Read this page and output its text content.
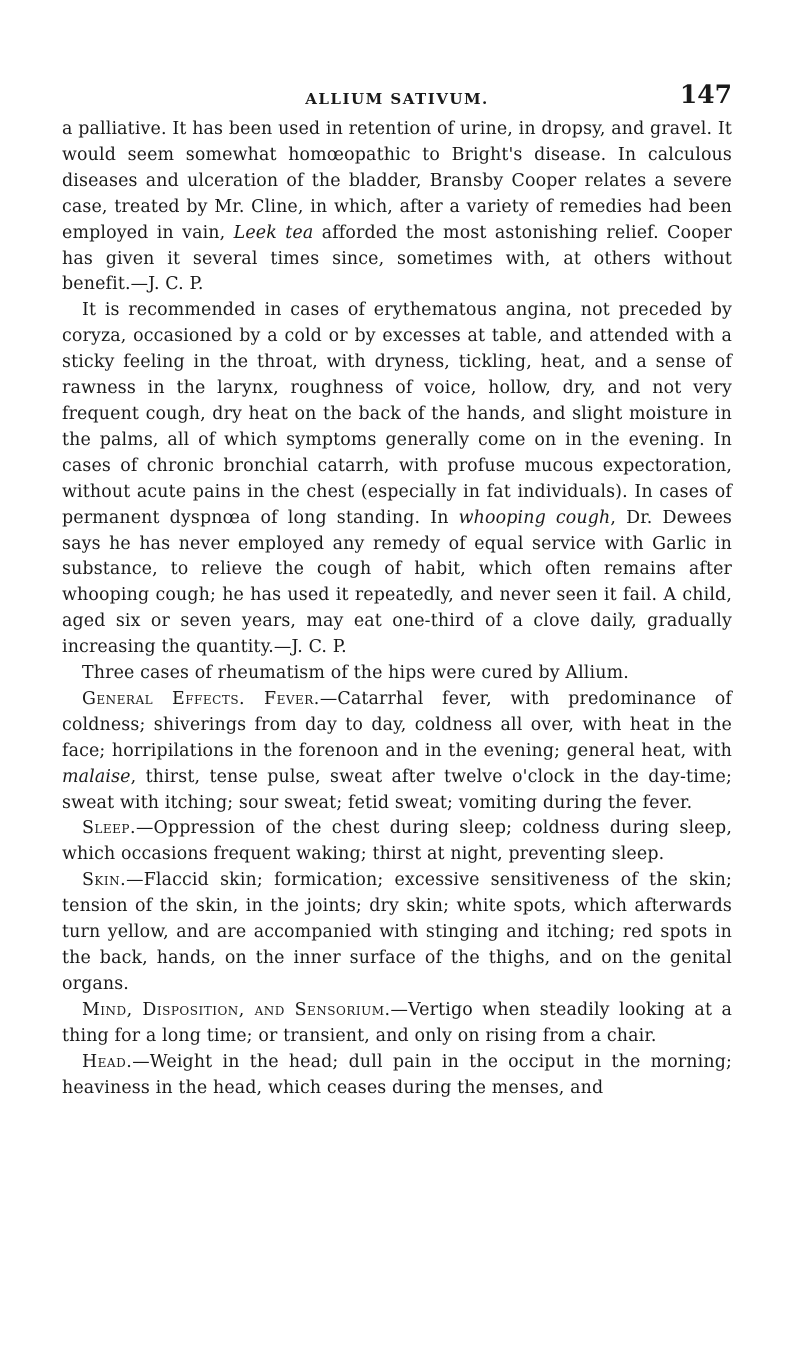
ALLIUM SATIVUM.	147

a palliative. It has been used in retention of urine, in dropsy, and gravel. It would seem somewhat homœopathic to Bright's disease. In calculous diseases and ulceration of the bladder, Bransby Cooper relates a severe case, treated by Mr. Cline, in which, after a variety of remedies had been employed in vain, Leek tea afforded the most astonishing relief. Cooper has given it several times since, sometimes with, at others without benefit.—J. C. P.

It is recommended in cases of erythematous angina, not preceded by coryza, occasioned by a cold or by excesses at table, and attended with a sticky feeling in the throat, with dryness, tickling, heat, and a sense of rawness in the larynx, roughness of voice, hollow, dry, and not very frequent cough, dry heat on the back of the hands, and slight moisture in the palms, all of which symptoms generally come on in the evening. In cases of chronic bronchial catarrh, with profuse mucous expectoration, without acute pains in the chest (especially in fat individuals). In cases of permanent dyspnœa of long standing. In whooping cough, Dr. Dewees says he has never employed any remedy of equal service with Garlic in substance, to relieve the cough of habit, which often remains after whooping cough; he has used it repeatedly, and never seen it fail. A child, aged six or seven years, may eat one-third of a clove daily, gradually increasing the quantity.—J. C. P.

Three cases of rheumatism of the hips were cured by Allium.

General Effects. Fever.—Catarrhal fever, with predominance of coldness; shiverings from day to day, coldness all over, with heat in the face; horripilations in the forenoon and in the evening; general heat, with malaise, thirst, tense pulse, sweat after twelve o'clock in the day-time; sweat with itching; sour sweat; fetid sweat; vomiting during the fever.

Sleep.—Oppression of the chest during sleep; coldness during sleep, which occasions frequent waking; thirst at night, preventing sleep.

Skin.—Flaccid skin; formication; excessive sensitiveness of the skin; tension of the skin, in the joints; dry skin; white spots, which afterwards turn yellow, and are accompanied with stinging and itching; red spots in the back, hands, on the inner surface of the thighs, and on the genital organs.

Mind, Disposition, and Sensorium.—Vertigo when steadily looking at a thing for a long time; or transient, and only on rising from a chair.

Head.—Weight in the head; dull pain in the occiput in the morning; heaviness in the head, which ceases during the menses, and
